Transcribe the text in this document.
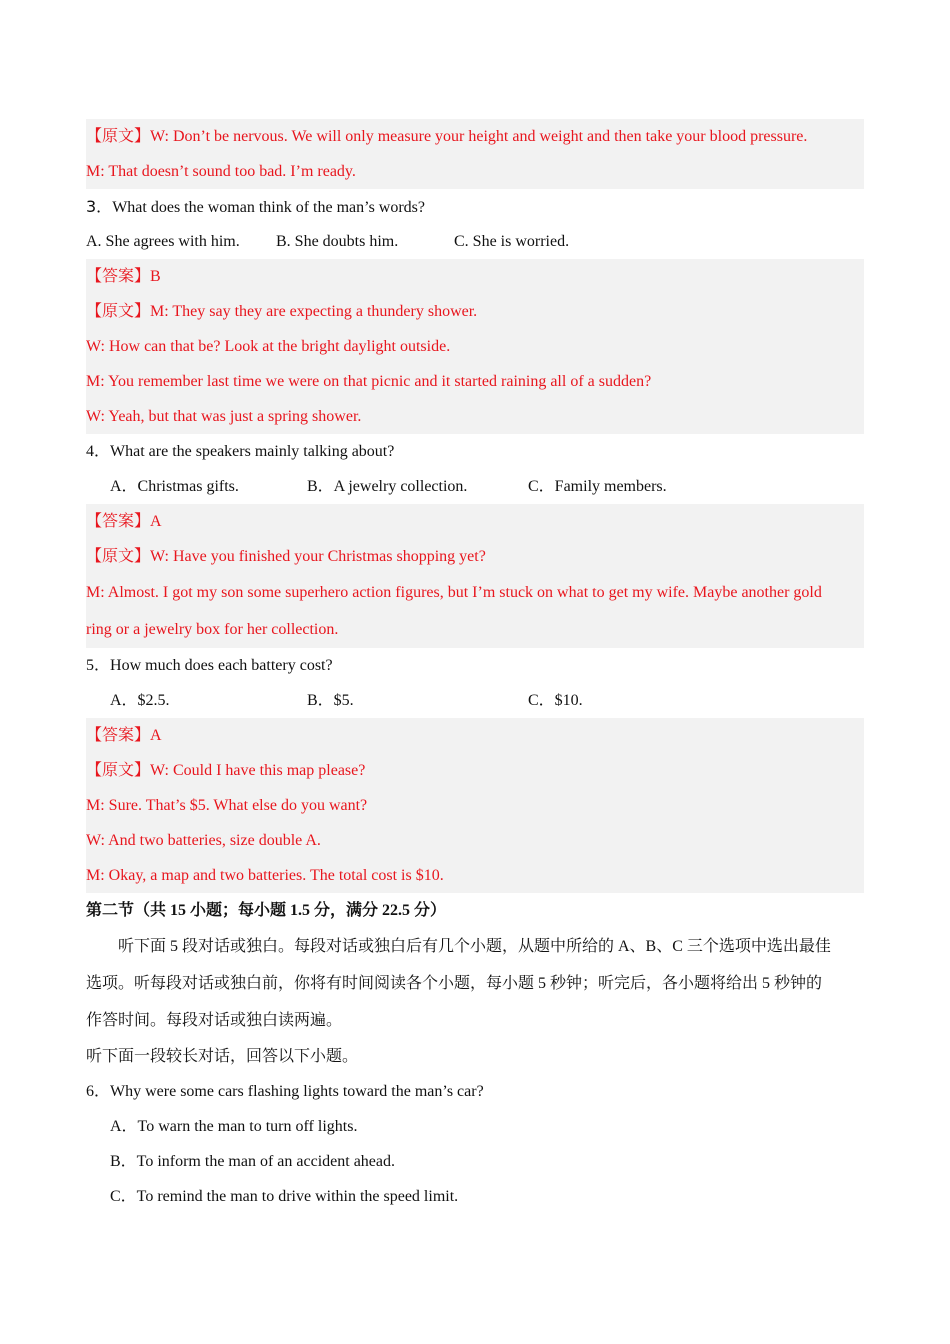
【原文】W: Don’t be nervous. We will only measure your height and weight and then take your blood pressure.
M: That doesn’t sound too bad. I’m ready.
3．What does the woman think of the man’s words?
A. She agrees with him.	B. She doubts him.	C. She is worried.
【答案】B
【原文】M: They say they are expecting a thundery shower.
W: How can that be? Look at the bright daylight outside.
M: You remember last time we were on that picnic and it started raining all of a sudden?
W: Yeah, but that was just a spring shower.
4．What are the speakers mainly talking about?
A．Christmas gifts.	B．A jewelry collection.	C．Family members.
【答案】A
【原文】W: Have you finished your Christmas shopping yet?
M: Almost. I got my son some superhero action figures, but I’m stuck on what to get my wife. Maybe another gold
ring or a jewelry box for her collection.
5．How much does each battery cost?
A．$2.5.	B．$5.	C．$10.
【答案】A
【原文】W: Could I have this map please?
M: Sure. That’s $5. What else do you want?
W: And two batteries, size double A.
M: Okay, a map and two batteries. The total cost is $10.
第二节（共 15 小题；每小题 1.5 分，满分 22.5 分）
听下面 5 段对话或独白。每段对话或独白后有几个小题，从题中所给的 A、B、C 三个选项中选出最佳
选项。听每段对话或独白前，你将有时间阅读各个小题，每小题 5 秒钟；听完后，各小题将给出 5 秒钟的
作答时间。每段对话或独白读两遍。
听下面一段较长对话，回答以下小题。
6．Why were some cars flashing lights toward the man’s car?
A．To warn the man to turn off lights.
B．To inform the man of an accident ahead.
C．To remind the man to drive within the speed limit.
